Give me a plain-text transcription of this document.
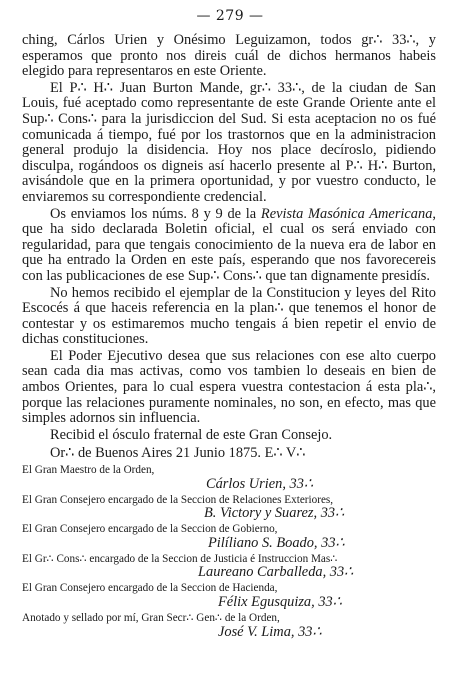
— 279 —

ching, Cárlos Urien y Onésimo Leguizamon, todos gr∴ 33∴, y esperamos que pronto nos direis cuál de dichos hermanos habeis elegido para representaros en este Oriente.

El P∴ H∴ Juan Burton Mande, gr∴ 33∴, de la ciudan de San Louis, fué aceptado como representante de este Grande Oriente ante el Sup∴ Cons∴ para la jurisdiccion del Sud. Si esta aceptacion no os fué comunicada á tiempo, fué por los trastornos que en la administracion general produjo la disidencia. Hoy nos place decíroslo, pidiendo disculpa, rogándoos os digneis así hacerlo presente al P∴ H∴ Burton, avisándole que en la primera oportunidad, y por vuestro conducto, le enviaremos su correspondiente credencial.

Os enviamos los núms. 8 y 9 de la Revista Masónica Americana, que ha sido declarada Boletin oficial, el cual os será enviado con regularidad, para que tengais conocimiento de la nueva era de labor en que ha entrado la Orden en este país, esperando que nos favorecereis con las publicaciones de ese Sup∴ Cons∴ que tan dignamente presidís.

No hemos recibido el ejemplar de la Constitucion y leyes del Rito Escocés á que haceis referencia en la plan∴ que tenemos el honor de contestar y os estimaremos mucho tengais á bien repetir el envio de dichas constituciones.

El Poder Ejecutivo desea que sus relaciones con ese alto cuerpo sean cada dia mas activas, como vos tambien lo deseais en bien de ambos Orientes, para lo cual espera vuestra contestacion á esta pla∴, porque las relaciones puramente nominales, no son, en efecto, mas que simples adornos sin influencia.

Recibid el ósculo fraternal de este Gran Consejo.

Or∴ de Buenos Aires 21 Junio 1875. E∴ V∴

El Gran Maestro de la Orden,

Cárlos Urien, 33∴

El Gran Consejero encargado de la Seccion de Relaciones Exteriores,

B. Victory y Suarez, 33∴

El Gran Consejero encargado de la Seccion de Gobierno,

Pilíliano S. Boado, 33∴

El Gr∴ Cons∴ encargado de la Seccion de Justicia é Instruccion Mas∴

Laureano Carballeda, 33∴

El Gran Consejero encargado de la Seccion de Hacienda,

Félix Egusquiza, 33∴

Anotado y sellado por mí, Gran Secr∴ Gen∴ de la Orden,

José V. Lima, 33∴
